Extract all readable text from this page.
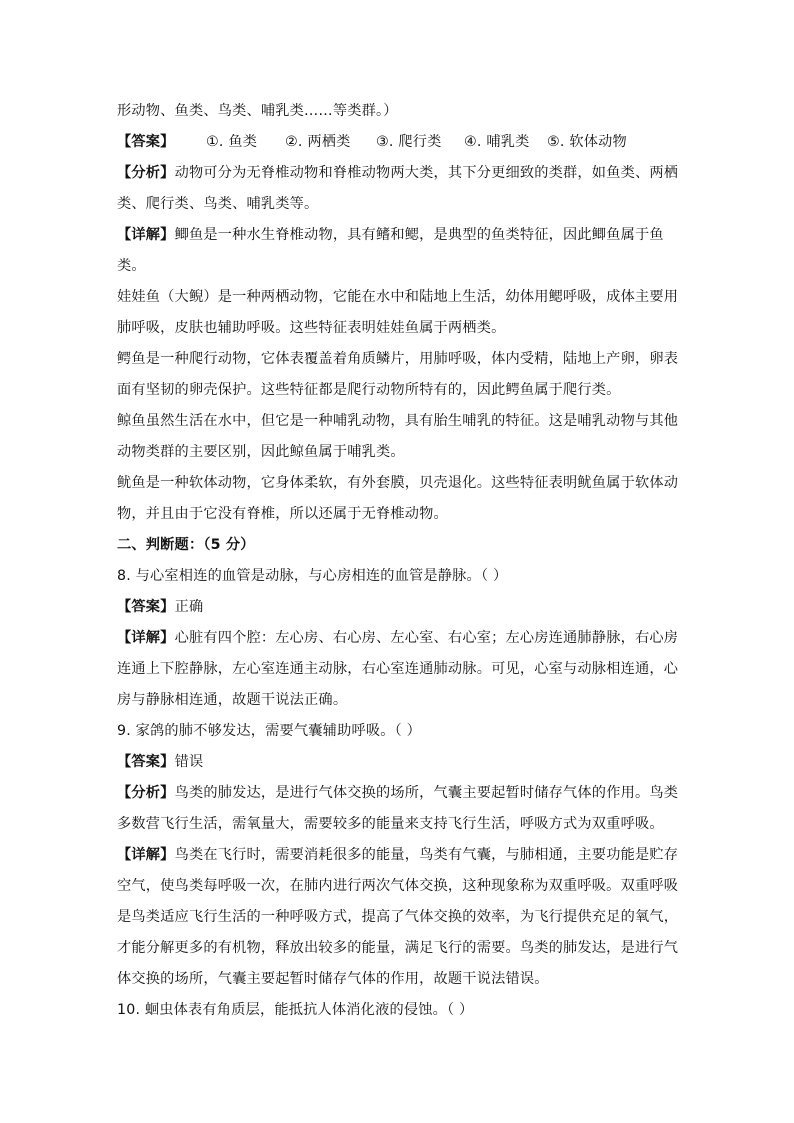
形动物、鱼类、鸟类、哺乳类……等类群。）
【答案】 ①. 鱼类 ②. 两栖类 ③. 爬行类 ④. 哺乳类 ⑤. 软体动物
【分析】动物可分为无脊椎动物和脊椎动物两大类，其下分更细致的类群，如鱼类、两栖
类、爬行类、鸟类、哺乳类等。
【详解】鲫鱼是一种水生脊椎动物，具有鳍和鳃，是典型的鱼类特征，因此鲫鱼属于鱼
类。
娃娃鱼（大鲵）是一种两栖动物，它能在水中和陆地上生活，幼体用鳃呼吸，成体主要用
肺呼吸，皮肤也辅助呼吸。这些特征表明娃娃鱼属于两栖类。
鳄鱼是一种爬行动物，它体表覆盖着角质鳞片，用肺呼吸，体内受精，陆地上产卵，卵表
面有坚韧的卵壳保护。这些特征都是爬行动物所特有的，因此鳄鱼属于爬行类。
鲸鱼虽然生活在水中，但它是一种哺乳动物，具有胎生哺乳的特征。这是哺乳动物与其他
动物类群的主要区别，因此鲸鱼属于哺乳类。
鱿鱼是一种软体动物，它身体柔软，有外套膜，贝壳退化。这些特征表明鱿鱼属于软体动
物，并且由于它没有脊椎，所以还属于无脊椎动物。
二、判断题：（5 分）
8. 与心室相连的血管是动脉，与心房相连的血管是静脉。（ ）
【答案】正确
【详解】心脏有四个腔：左心房、右心房、左心室、右心室；左心房连通肺静脉，右心房
连通上下腔静脉，左心室连通主动脉，右心室连通肺动脉。可见，心室与动脉相连通，心
房与静脉相连通，故题干说法正确。
9. 家鸽的肺不够发达，需要气囊辅助呼吸。（ ）
【答案】错误
【分析】鸟类的肺发达，是进行气体交换的场所，气囊主要起暂时储存气体的作用。鸟类
多数营飞行生活，需氧量大，需要较多的能量来支持飞行生活，呼吸方式为双重呼吸。
【详解】鸟类在飞行时，需要消耗很多的能量，鸟类有气囊，与肺相通，主要功能是贮存
空气，使鸟类每呼吸一次，在肺内进行两次气体交换，这种现象称为双重呼吸。双重呼吸
是鸟类适应飞行生活的一种呼吸方式，提高了气体交换的效率，为飞行提供充足的氧气，
才能分解更多的有机物，释放出较多的能量，满足飞行的需要。鸟类的肺发达，是进行气
体交换的场所，气囊主要起暂时储存气体的作用，故题干说法错误。
10. 蛔虫体表有角质层，能抵抗人体消化液的侵蚀。（ ）
